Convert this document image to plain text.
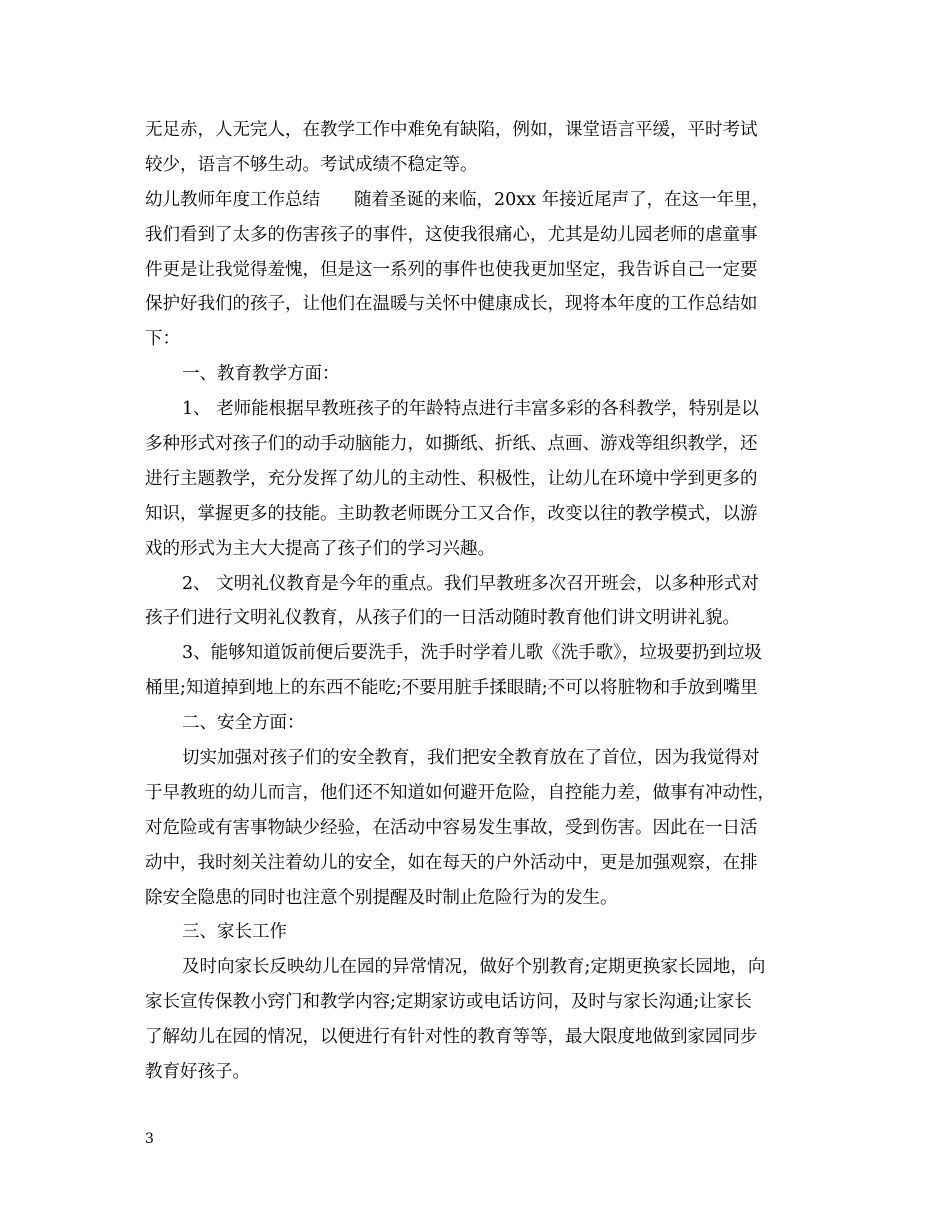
无足赤，人无完人，在教学工作中难免有缺陷，例如，课堂语言平缓，平时考试
较少，语言不够生动。考试成绩不稳定等。
幼儿教师年度工作总结 随着圣诞的来临，20xx 年接近尾声了，在这一年里，
我们看到了太多的伤害孩子的事件，这使我很痛心，尤其是幼儿园老师的虐童事
件更是让我觉得羞愧，但是这一系列的事件也使我更加坚定，我告诉自己一定要
保护好我们的孩子，让他们在温暖与关怀中健康成长，现将本年度的工作总结如
下：
一、教育教学方面：
1、 老师能根据早教班孩子的年龄特点进行丰富多彩的各科教学，特别是以
多种形式对孩子们的动手动脑能力，如撕纸、折纸、点画、游戏等组织教学，还
进行主题教学，充分发挥了幼儿的主动性、积极性，让幼儿在环境中学到更多的
知识，掌握更多的技能。主助教老师既分工又合作，改变以往的教学模式，以游
戏的形式为主大大提高了孩子们的学习兴趣。
2、 文明礼仪教育是今年的重点。我们早教班多次召开班会，以多种形式对
孩子们进行文明礼仪教育，从孩子们的一日活动随时教育他们讲文明讲礼貌。
3、能够知道饭前便后要洗手，洗手时学着儿歌《洗手歌》，垃圾要扔到垃圾
桶里;知道掉到地上的东西不能吃;不要用脏手揉眼睛;不可以将脏物和手放到嘴里
二、安全方面：
切实加强对孩子们的安全教育，我们把安全教育放在了首位，因为我觉得对
于早教班的幼儿而言，他们还不知道如何避开危险，自控能力差，做事有冲动性，
对危险或有害事物缺少经验，在活动中容易发生事故，受到伤害。因此在一日活
动中，我时刻关注着幼儿的安全，如在每天的户外活动中，更是加强观察，在排
除安全隐患的同时也注意个别提醒及时制止危险行为的发生。
三、家长工作
及时向家长反映幼儿在园的异常情况，做好个别教育;定期更换家长园地，向
家长宣传保教小窍门和教学内容;定期家访或电话访问，及时与家长沟通;让家长
了解幼儿在园的情况，以便进行有针对性的教育等等，最大限度地做到家园同步
教育好孩子。
3
